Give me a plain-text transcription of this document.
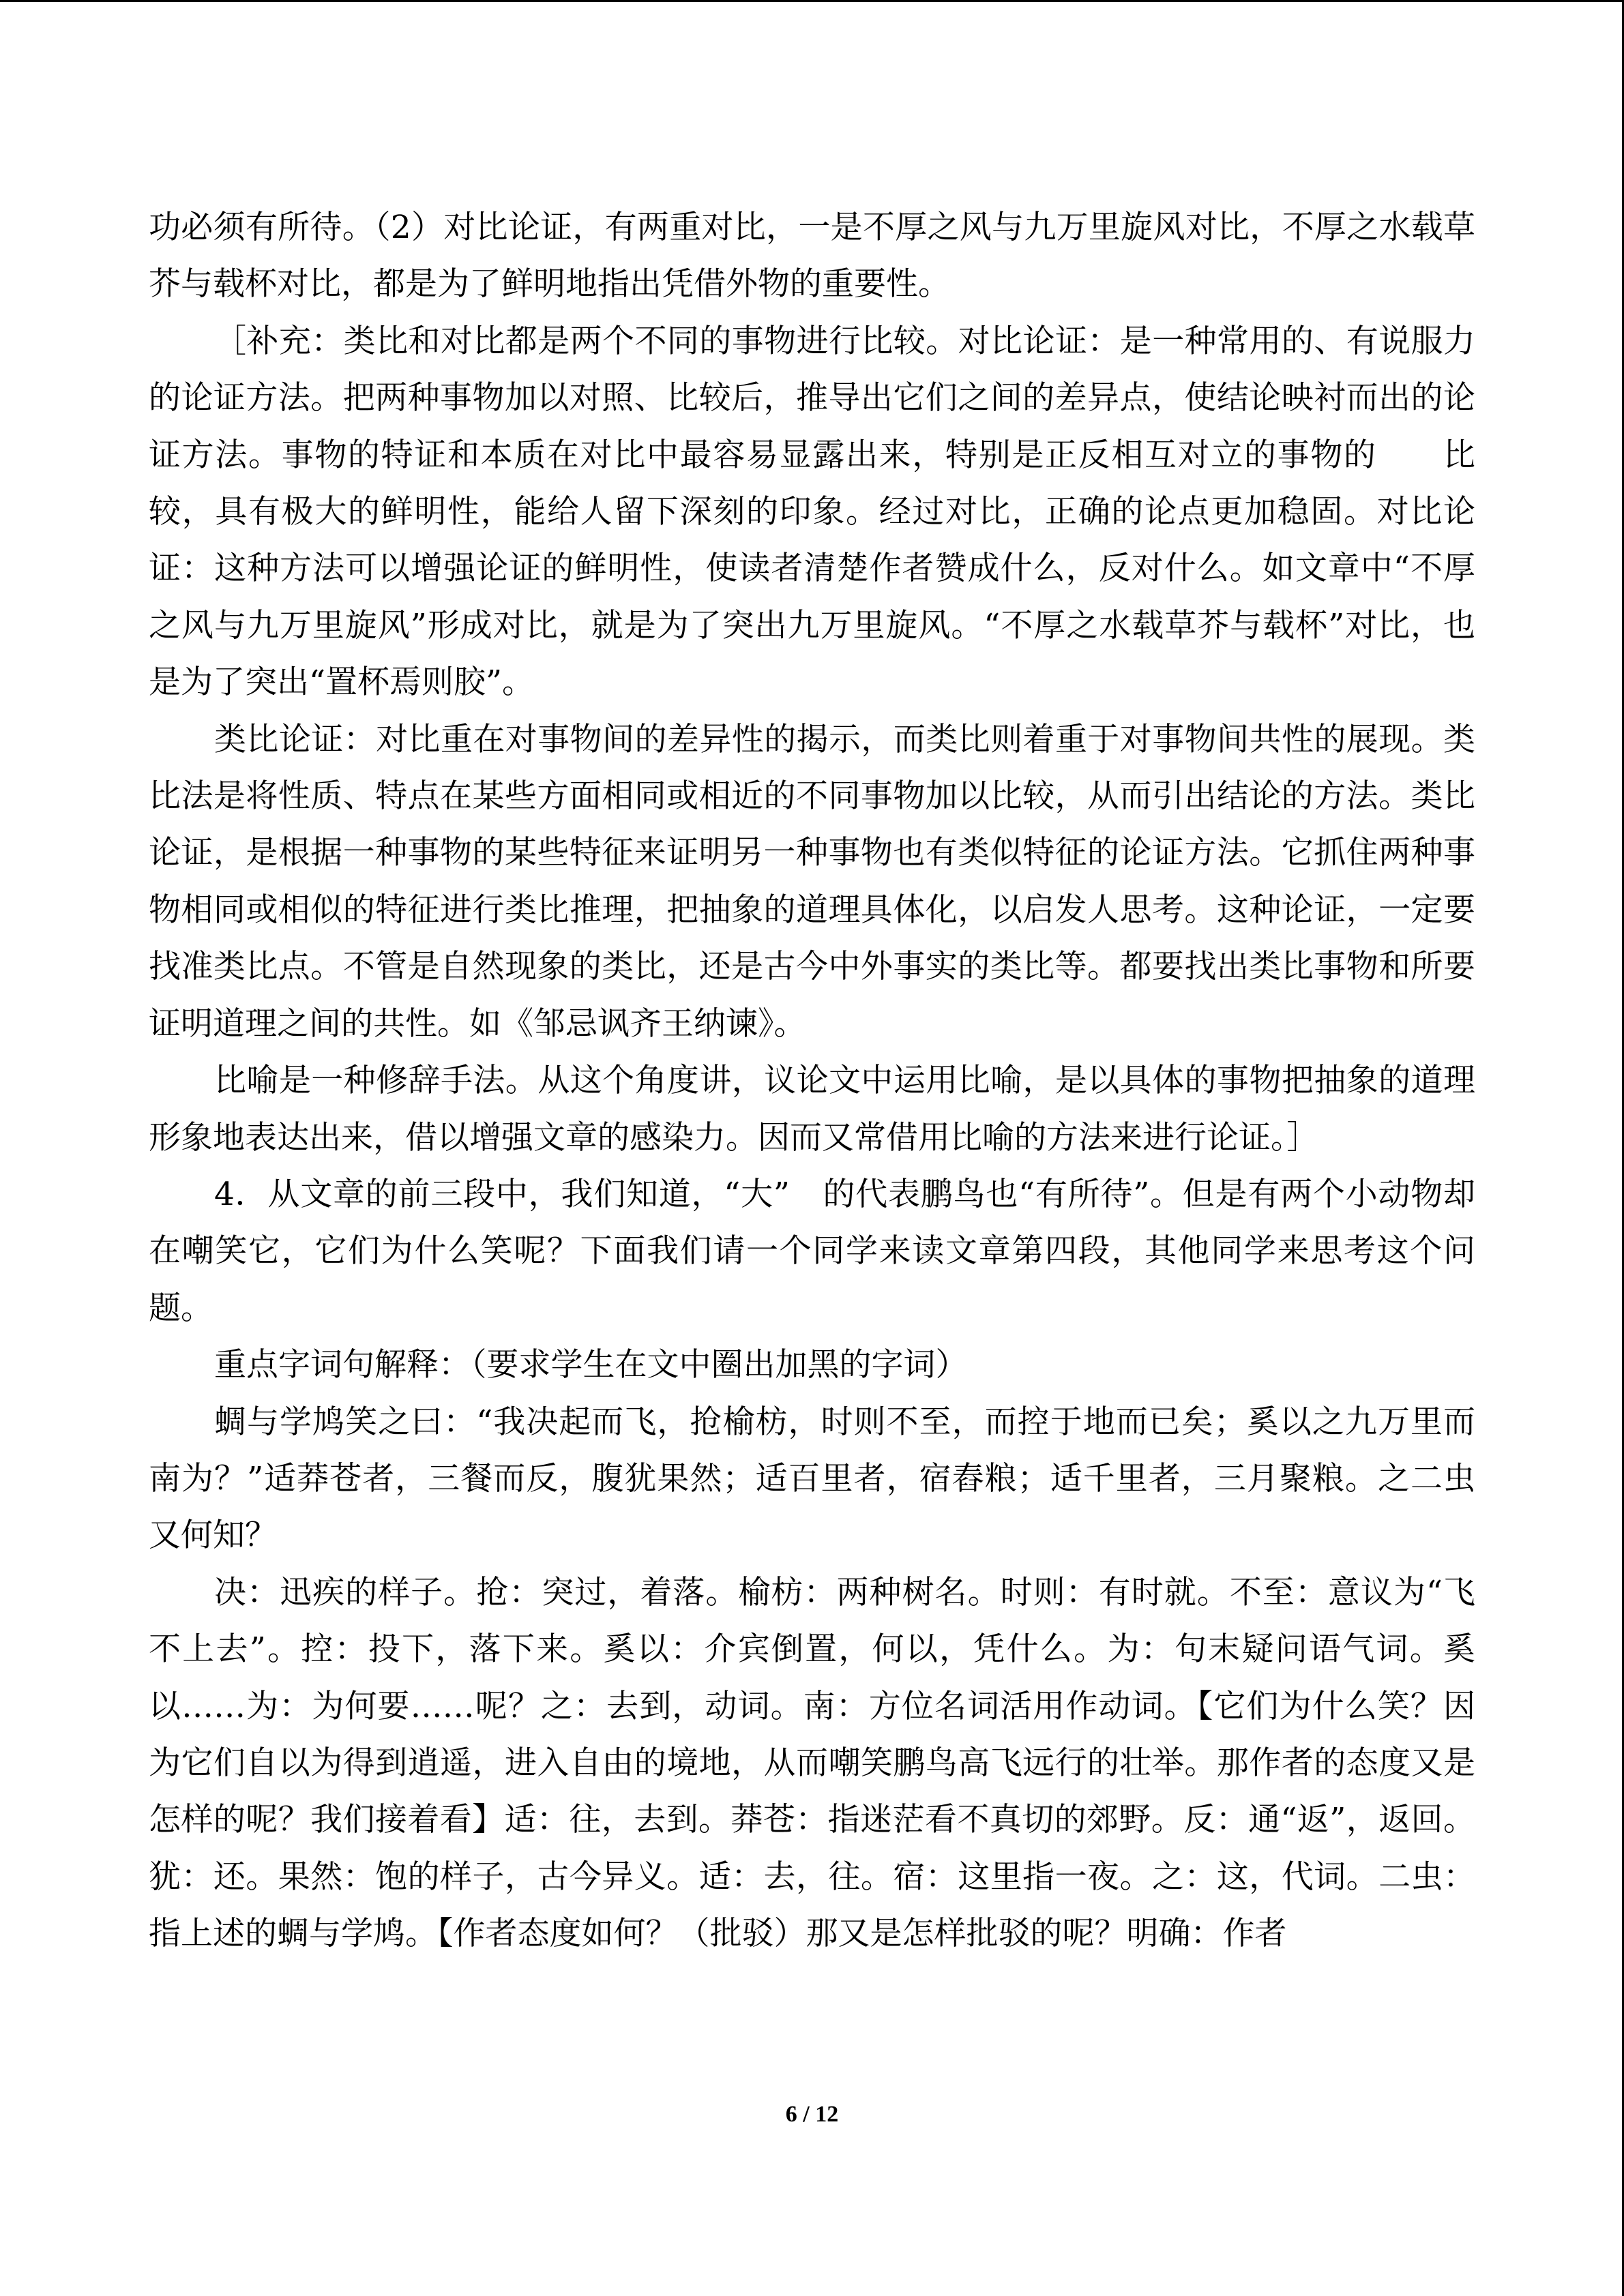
功必须有所待。（2）对比论证，有两重对比，一是不厚之风与九万里旋风对比，不厚之水载草芥与载杯对比，都是为了鲜明地指出凭借外物的重要性。

［补充：类比和对比都是两个不同的事物进行比较。对比论证：是一种常用的、有说服力的论证方法。把两种事物加以对照、比较后，推导出它们之间的差异点，使结论映衬而出的论证方法。事物的特证和本质在对比中最容易显露出来，特别是正反相互对立的事物的　　比较，具有极大的鲜明性，能给人留下深刻的印象。经过对比，正确的论点更加稳固。对比论证：这种方法可以增强论证的鲜明性，使读者清楚作者赞成什么，反对什么。如文章中“不厚之风与九万里旋风”形成对比，就是为了突出九万里旋风。“不厚之水载草芥与载杯”对比，也是为了突出“置杯焉则胶”。

类比论证：对比重在对事物间的差异性的揭示，而类比则着重于对事物间共性的展现。类比法是将性质、特点在某些方面相同或相近的不同事物加以比较，从而引出结论的方法。类比论证，是根据一种事物的某些特征来证明另一种事物也有类似特征的论证方法。它抓住两种事物相同或相似的特征进行类比推理，把抽象的道理具体化，以启发人思考。这种论证，一定要找准类比点。不管是自然现象的类比，还是古今中外事实的类比等。都要找出类比事物和所要证明道理之间的共性。如《邹忌讽齐王纳谏》。

比喻是一种修辞手法。从这个角度讲，议论文中运用比喻，是以具体的事物把抽象的道理形象地表达出来，借以增强文章的感染力。因而又常借用比喻的方法来进行论证。］

4．从文章的前三段中，我们知道，“大”　的代表鹏鸟也“有所待”。但是有两个小动物却在嘲笑它，它们为什么笑呢？下面我们请一个同学来读文章第四段，其他同学来思考这个问题。

重点字词句解释：（要求学生在文中圈出加黑的字词）

蜩与学鸠笑之曰：“我决起而飞，抢榆枋，时则不至，而控于地而已矣；奚以之九万里而南为？”适莽苍者，三餐而反，腹犹果然；适百里者，宿舂粮；适千里者，三月聚粮。之二虫又何知？

决：迅疾的样子。抢：突过，着落。榆枋：两种树名。时则：有时就。不至：意议为“飞不上去”。控：投下，落下来。奚以：介宾倒置，何以，凭什么。为：句末疑问语气词。奚以……为：为何要……呢？之：去到，动词。南：方位名词活用作动词。【它们为什么笑？因为它们自以为得到逍遥，进入自由的境地，从而嘲笑鹏鸟高飞远行的壮举。那作者的态度又是怎样的呢？我们接着看】适：往，去到。莽苍：指迷茫看不真切的郊野。反：通“返”，返回。犹：还。果然：饱的样子，古今异义。适：去，往。宿：这里指一夜。之：这，代词。二虫：指上述的蜩与学鸠。【作者态度如何？（批驳）那又是怎样批驳的呢？明确：作者

6 / 12
